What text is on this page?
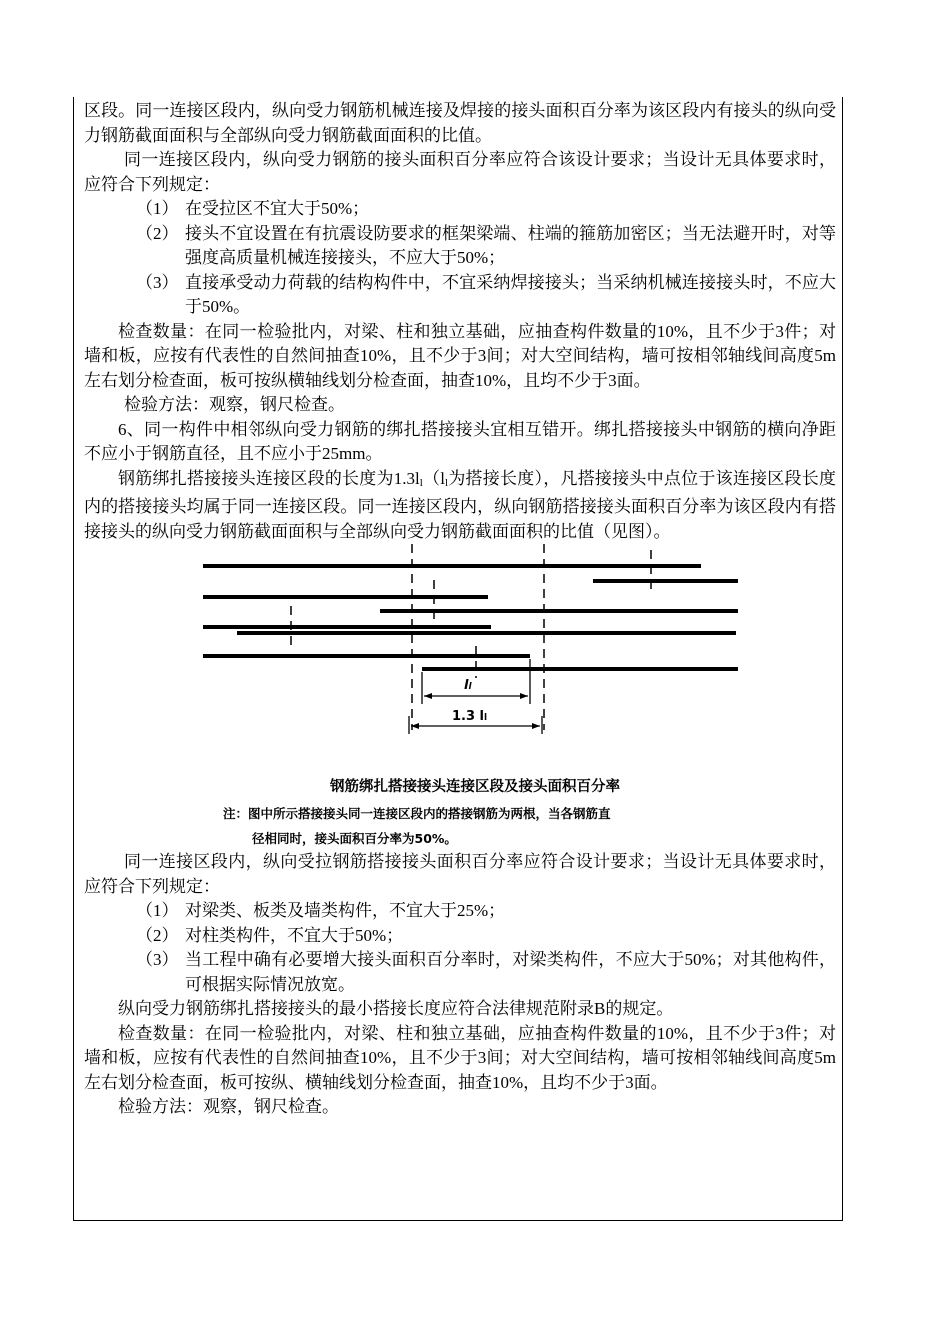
区段。同一连接区段内，纵向受力钢筋机械连接及焊接的接头面积百分率为该区段内有接头的纵向受力钢筋截面面积与全部纵向受力钢筋截面面积的比值。

同一连接区段内，纵向受力钢筋的接头面积百分率应符合该设计要求；当设计无具体要求时，应符合下列规定：

（1） 在受拉区不宜大于50%；

（2） 接头不宜设置在有抗震设防要求的框架梁端、柱端的箍筋加密区；当无法避开时，对等强度高质量机械连接接头，不应大于50%；

（3） 直接承受动力荷载的结构构件中，不宜采纳焊接接头；当采纳机械连接接头时，不应大于50%。

检查数量：在同一检验批内，对梁、柱和独立基础，应抽查构件数量的10%，且不少于3件；对墙和板，应按有代表性的自然间抽查10%，且不少于3间；对大空间结构，墙可按相邻轴线间高度5m左右划分检查面，板可按纵横轴线划分检查面，抽查10%，且均不少于3面。

检验方法：观察，钢尺检查。

6、同一构件中相邻纵向受力钢筋的绑扎搭接接头宜相互错开。绑扎搭接接头中钢筋的横向净距不应小于钢筋直径，且不应小于25mm。

钢筋绑扎搭接接头连接区段的长度为1.3ll（ll为搭接长度），凡搭接接头中点位于该连接区段长度内的搭接接头均属于同一连接区段。同一连接区段内，纵向钢筋搭接接头面积百分率为该区段内有搭接接头的纵向受力钢筋截面面积与全部纵向受力钢筋截面面积的比值（见图）。

ll
1.3 ll
钢筋绑扎搭接接头连接区段及接头面积百分率
注：图中所示搭接接头同一连接区段内的搭接钢筋为两根，当各钢筋直
径相同时，接头面积百分率为50%。

同一连接区段内，纵向受拉钢筋搭接接头面积百分率应符合设计要求；当设计无具体要求时，应符合下列规定：

（1） 对梁类、板类及墙类构件，不宜大于25%；

（2） 对柱类构件，不宜大于50%；

（3） 当工程中确有必要增大接头面积百分率时，对梁类构件，不应大于50%；对其他构件，可根据实际情况放宽。

纵向受力钢筋绑扎搭接接头的最小搭接长度应符合法律规范附录B的规定。

检查数量：在同一检验批内，对梁、柱和独立基础，应抽查构件数量的10%，且不少于3件；对墙和板，应按有代表性的自然间抽查10%，且不少于3间；对大空间结构，墙可按相邻轴线间高度5m左右划分检查面，板可按纵、横轴线划分检查面，抽查10%，且均不少于3面。

检验方法：观察，钢尺检查。
